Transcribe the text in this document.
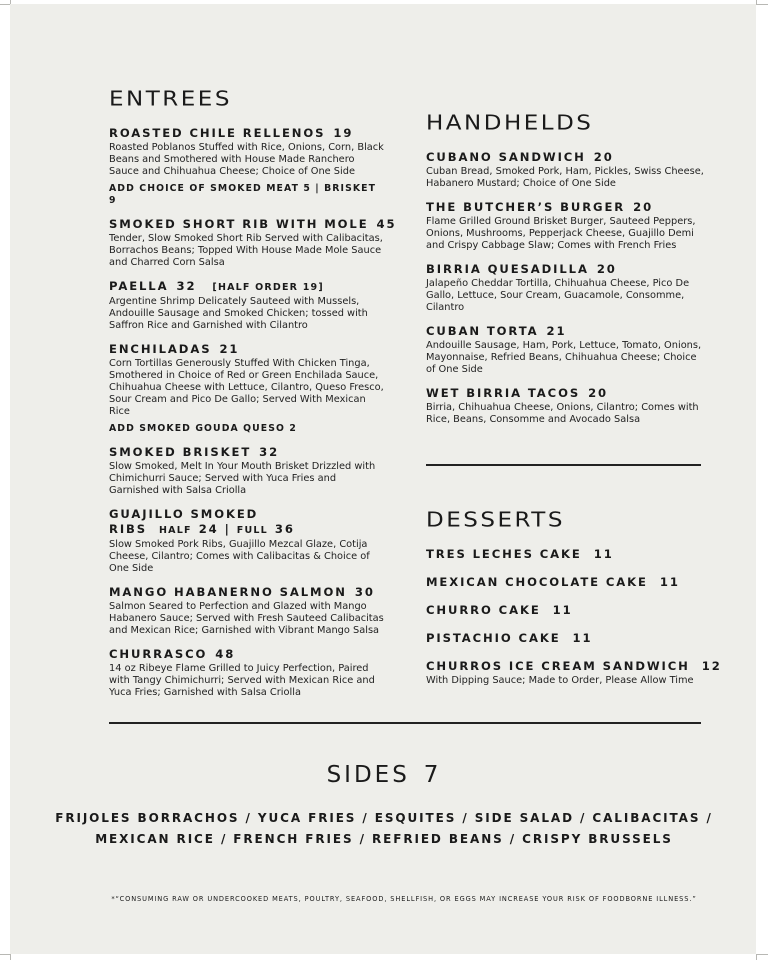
ENTREES
ROASTED CHILE RELLENOS 19
Roasted Poblanos Stuffed with Rice, Onions, Corn, Black Beans and Smothered with House Made Ranchero Sauce and Chihuahua Cheese; Choice of One Side
ADD CHOICE OF SMOKED MEAT 5 | BRISKET 9
SMOKED SHORT RIB WITH MOLE 45
Tender, Slow Smoked Short Rib Served with Calibacitas, Borrachos Beans; Topped With House Made Mole Sauce and Charred Corn Salsa
PAELLA 32 [HALF ORDER 19]
Argentine Shrimp Delicately Sauteed with Mussels, Andouille Sausage and Smoked Chicken; tossed with Saffron Rice and Garnished with Cilantro
ENCHILADAS 21
Corn Tortillas Generously Stuffed With Chicken Tinga, Smothered in Choice of Red or Green Enchilada Sauce, Chihuahua Cheese with Lettuce, Cilantro, Queso Fresco, Sour Cream and Pico De Gallo; Served With Mexican Rice
ADD SMOKED GOUDA QUESO 2
SMOKED BRISKET 32
Slow Smoked, Melt In Your Mouth Brisket Drizzled with Chimichurri Sauce; Served with Yuca Fries and Garnished with Salsa Criolla
GUAJILLO SMOKED
RIBS HALF 24 | FULL 36
Slow Smoked Pork Ribs, Guajillo Mezcal Glaze, Cotija Cheese, Cilantro; Comes with Calibacitas & Choice of One Side
MANGO HABANERNO SALMON 30
Salmon Seared to Perfection and Glazed with Mango Habanero Sauce; Served with Fresh Sauteed Calibacitas and Mexican Rice; Garnished with Vibrant Mango Salsa
CHURRASCO 48
14 oz Ribeye Flame Grilled to Juicy Perfection, Paired with Tangy Chimichurri; Served with Mexican Rice and Yuca Fries; Garnished with Salsa Criolla
HANDHELDS
CUBANO SANDWICH 20
Cuban Bread, Smoked Pork, Ham, Pickles, Swiss Cheese, Habanero Mustard; Choice of One Side
THE BUTCHER’S BURGER 20
Flame Grilled Ground Brisket Burger, Sauteed Peppers, Onions, Mushrooms, Pepperjack Cheese, Guajillo Demi and Crispy Cabbage Slaw; Comes with French Fries
BIRRIA QUESADILLA 20
Jalapeño Cheddar Tortilla, Chihuahua Cheese, Pico De Gallo, Lettuce, Sour Cream, Guacamole, Consomme, Cilantro
CUBAN TORTA 21
Andouille Sausage, Ham, Pork, Lettuce, Tomato, Onions, Mayonnaise, Refried Beans, Chihuahua Cheese; Choice of One Side
WET BIRRIA TACOS 20
Birria, Chihuahua Cheese, Onions, Cilantro; Comes with Rice, Beans, Consomme and Avocado Salsa
DESSERTS
TRES LECHES CAKE 11
MEXICAN CHOCOLATE CAKE 11
CHURRO CAKE 11
PISTACHIO CAKE 11
CHURROS ICE CREAM SANDWICH 12
With Dipping Sauce; Made to Order, Please Allow Time
SIDES 7
FRIJOLES BORRACHOS / YUCA FRIES / ESQUITES / SIDE SALAD / CALIBACITAS /
MEXICAN RICE / FRENCH FRIES / REFRIED BEANS / CRISPY BRUSSELS
*“CONSUMING RAW OR UNDERCOOKED MEATS, POULTRY, SEAFOOD, SHELLFISH, OR EGGS MAY INCREASE YOUR RISK OF FOODBORNE ILLNESS.”
